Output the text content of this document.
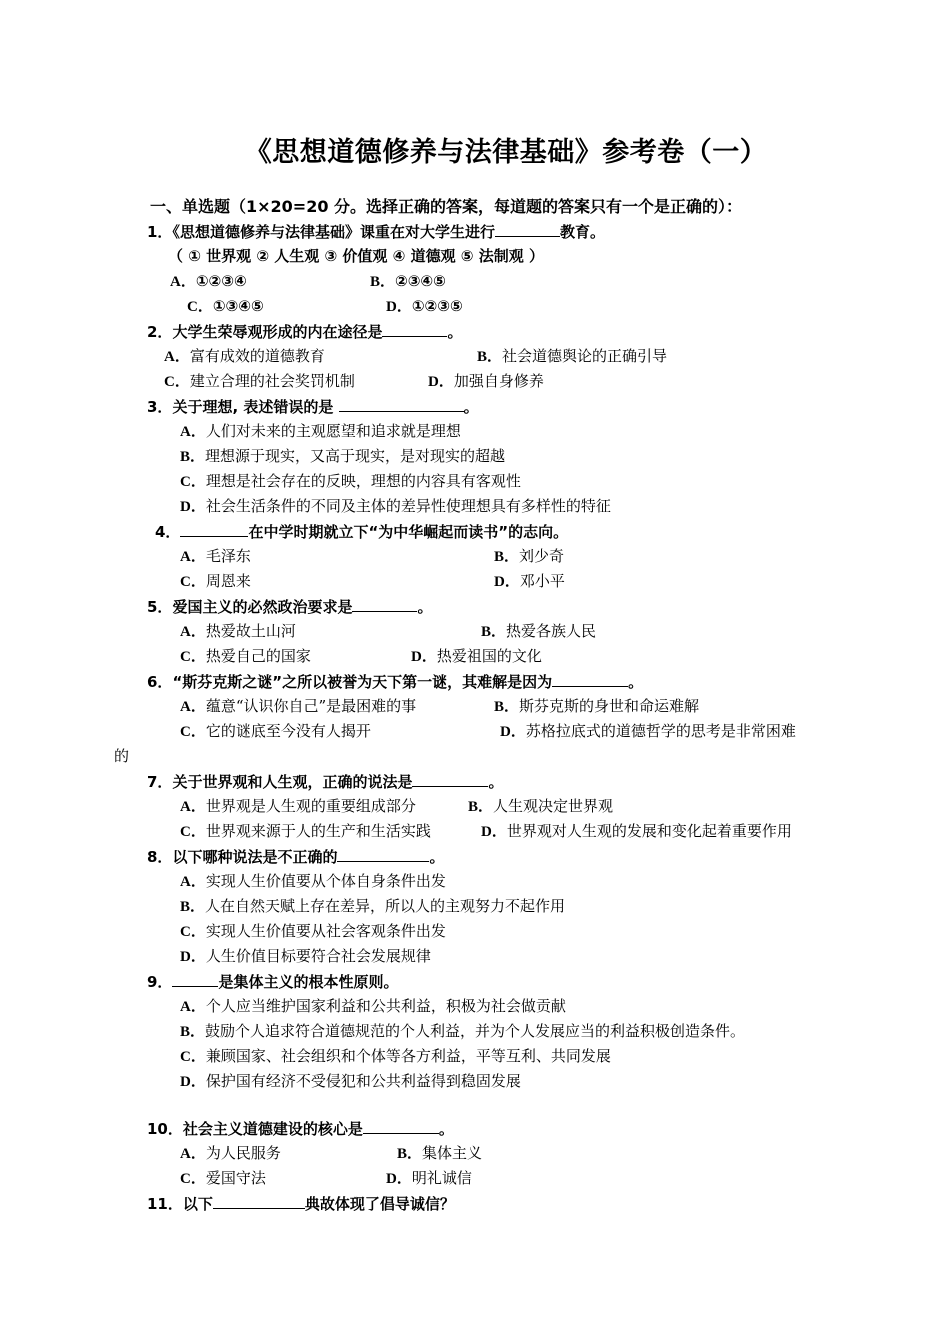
《思想道德修养与法律基础》参考卷（一）
一、单选题（1×20=20 分。选择正确的答案，每道题的答案只有一个是正确的）：
1．《思想道德修养与法律基础》课重在对大学生进行	教育。
（ ① 世界观 ② 人生观 ③ 价值观 ④ 道德观 ⑤ 法制观 ）
A．①②③④	B．②③④⑤
C．①③④⑤	D．①②③⑤
2．大学生荣辱观形成的内在途径是	。
A．富有成效的道德教育	B．社会道德舆论的正确引导
C．建立合理的社会奖罚机制	D．加强自身修养
3．关于理想, 表述错误的是	。
A．人们对未来的主观愿望和追求就是理想
B．理想源于现实，又高于现实，是对现实的超越
C．理想是社会存在的反映，理想的内容具有客观性
D．社会生活条件的不同及主体的差异性使理想具有多样性的特征
4．	在中学时期就立下“为中华崛起而读书”的志向。
A．毛泽东	B．刘少奇
C．周恩来	D．邓小平
5．爱国主义的必然政治要求是	。
A．热爱故土山河	B．热爱各族人民
C．热爱自己的国家	D．热爱祖国的文化
6．“斯芬克斯之谜”之所以被誉为天下第一谜，其难解是因为	。
A．蕴意“认识你自己”是最困难的事	B．斯芬克斯的身世和命运难解
C．它的谜底至今没有人揭开	D．苏格拉底式的道德哲学的思考是非常困难
的
7．关于世界观和人生观，正确的说法是	。
A．世界观是人生观的重要组成部分	B．人生观决定世界观
C．世界观来源于人的生产和生活实践	D．世界观对人生观的发展和变化起着重要作用
8．以下哪种说法是不正确的	。
A．实现人生价值要从个体自身条件出发
B．人在自然天赋上存在差异，所以人的主观努力不起作用
C．实现人生价值要从社会客观条件出发
D．人生价值目标要符合社会发展规律
9．	是集体主义的根本性原则。
A．个人应当维护国家利益和公共利益，积极为社会做贡献
B．鼓励个人追求符合道德规范的个人利益，并为个人发展应当的利益积极创造条件。
C．兼顾国家、社会组织和个体等各方利益，平等互利、共同发展
D．保护国有经济不受侵犯和公共利益得到稳固发展
10．社会主义道德建设的核心是	。
A．为人民服务	B．集体主义
C．爱国守法	D．明礼诚信
11．以下	典故体现了倡导诚信？
